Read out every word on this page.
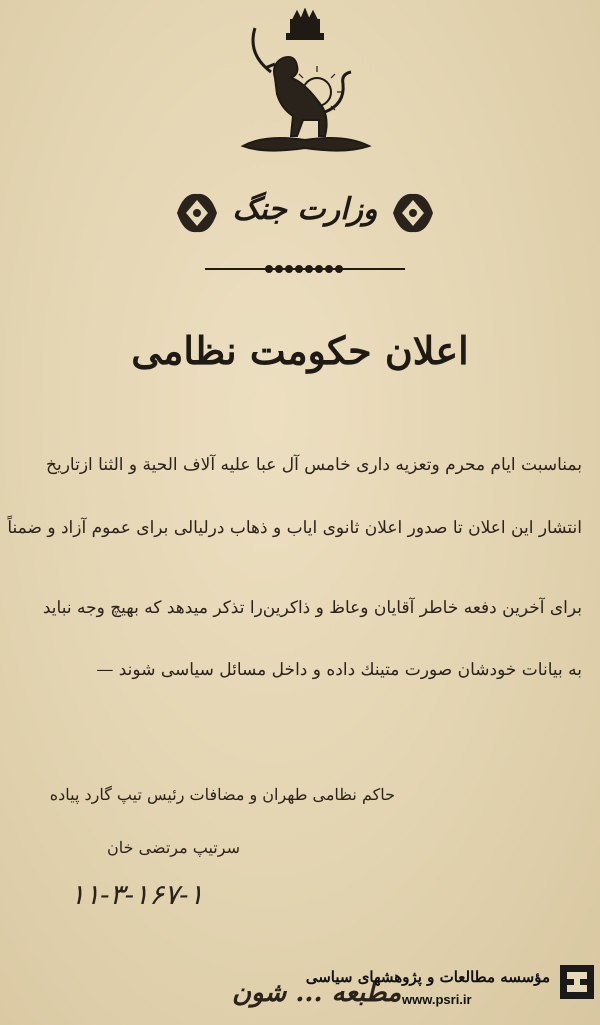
وزارت جنگ
اعلان حکومت نظامی
بمناسبت ایام محرم وتعزیه داری خامس آل عبا علیه آلاف الحیة و الثنا ازتاریخ
انتشار این اعلان تا صدور اعلان ثانوی اياب و ذهاب درلیالی برای عموم آزاد و ضمناً
برای آخرین دفعه خاطر آقایان وعاظ و ذاکرین‌را تذکر میدهد که بهیچ وجه نباید
به بیانات خودشان صورت متینك داده و داخل مسائل سیاسی شوند —
حاکم نظامی طهران و مضافات رئیس تیپ گارد پیاده
سرتیپ مرتضی خان
۱۱-۳-۱۶۷-۱
مطبعه ... شون
مؤسسه مطالعات و پژوهشهای سیاسی
www.psri.ir
